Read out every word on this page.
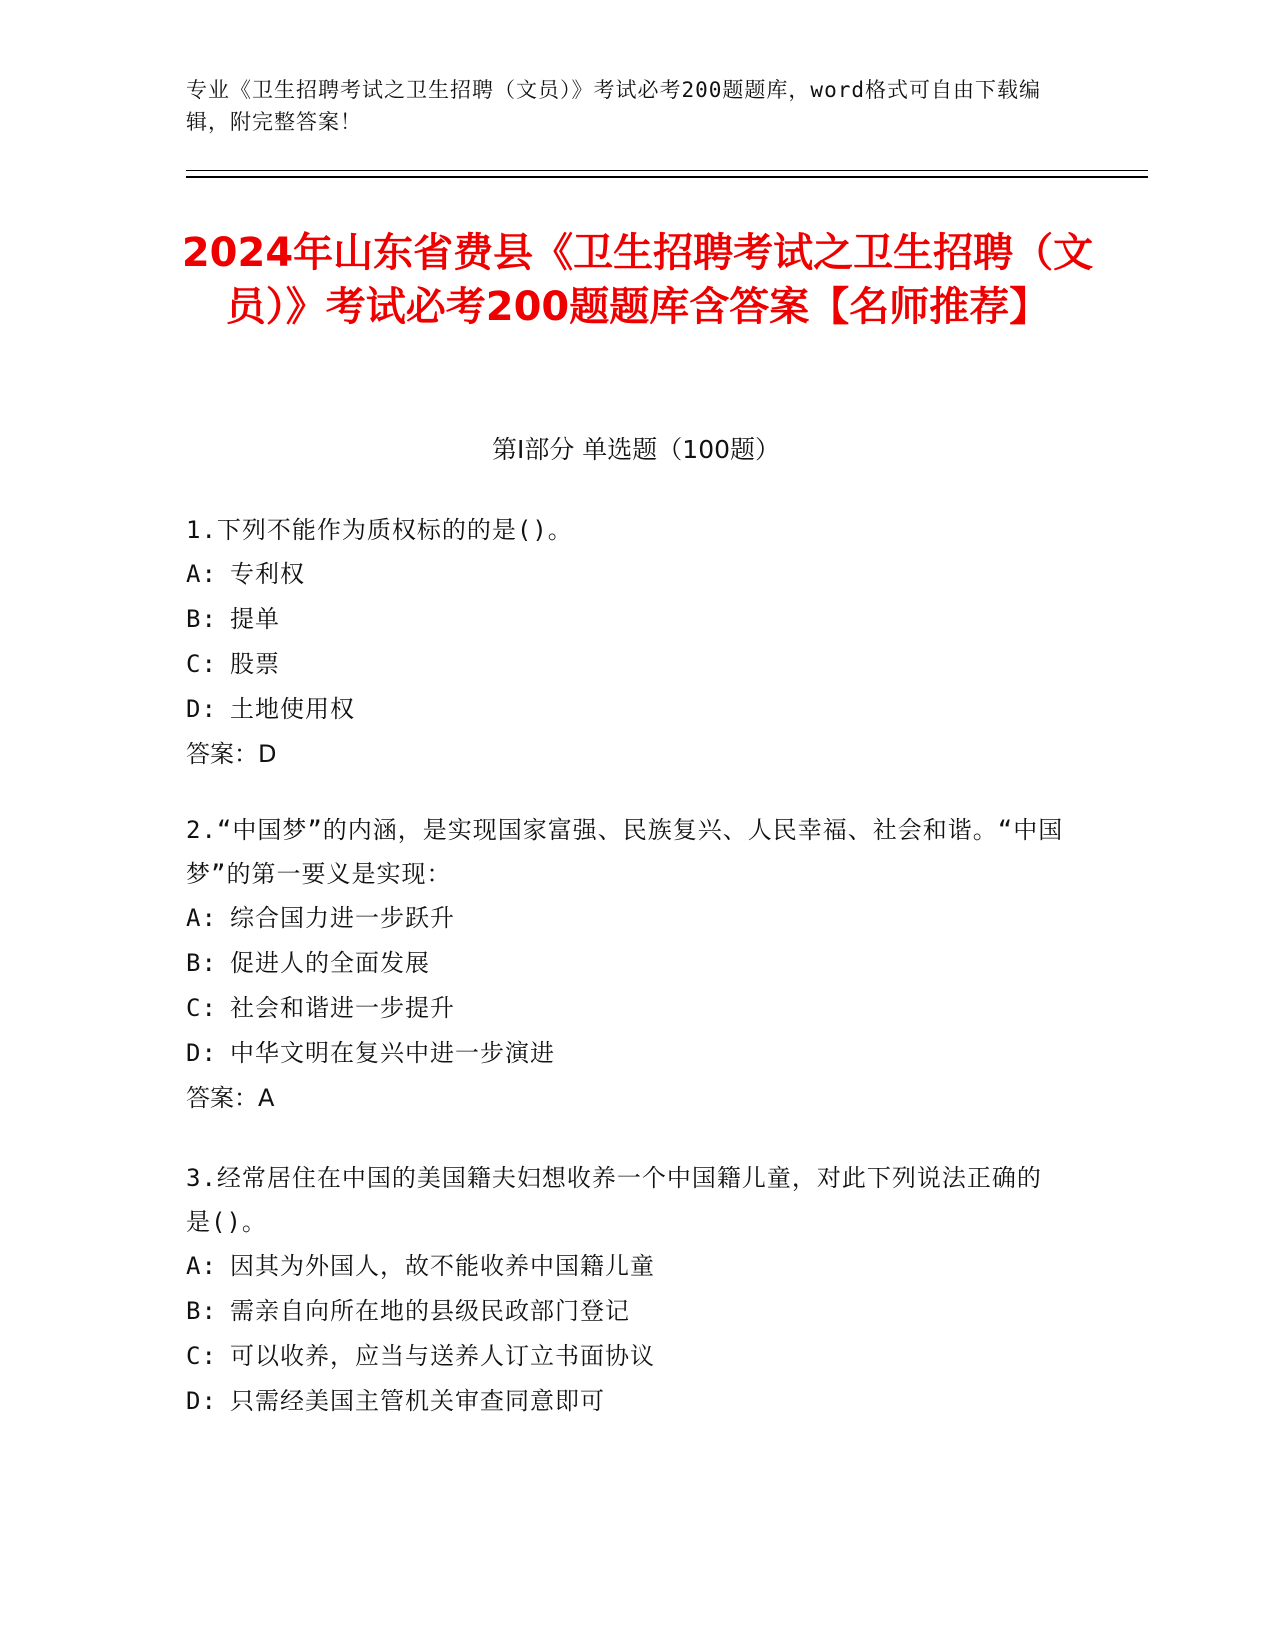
专业《卫生招聘考试之卫生招聘（文员）》考试必考200题题库，word格式可自由下载编辑，附完整答案！
2024年山东省费县《卫生招聘考试之卫生招聘（文员）》考试必考200题题库含答案【名师推荐】
第Ⅰ部分 单选题（100题）
1.下列不能作为质权标的的是()。
A: 专利权
B: 提单
C: 股票
D: 土地使用权
答案：D
2.“中国梦”的内涵，是实现国家富强、民族复兴、人民幸福、社会和谐。“中国梦”的第一要义是实现：
A: 综合国力进一步跃升
B: 促进人的全面发展
C: 社会和谐进一步提升
D: 中华文明在复兴中进一步演进
答案：A
3.经常居住在中国的美国籍夫妇想收养一个中国籍儿童，对此下列说法正确的是()。
A: 因其为外国人，故不能收养中国籍儿童
B: 需亲自向所在地的县级民政部门登记
C: 可以收养，应当与送养人订立书面协议
D: 只需经美国主管机关审查同意即可
